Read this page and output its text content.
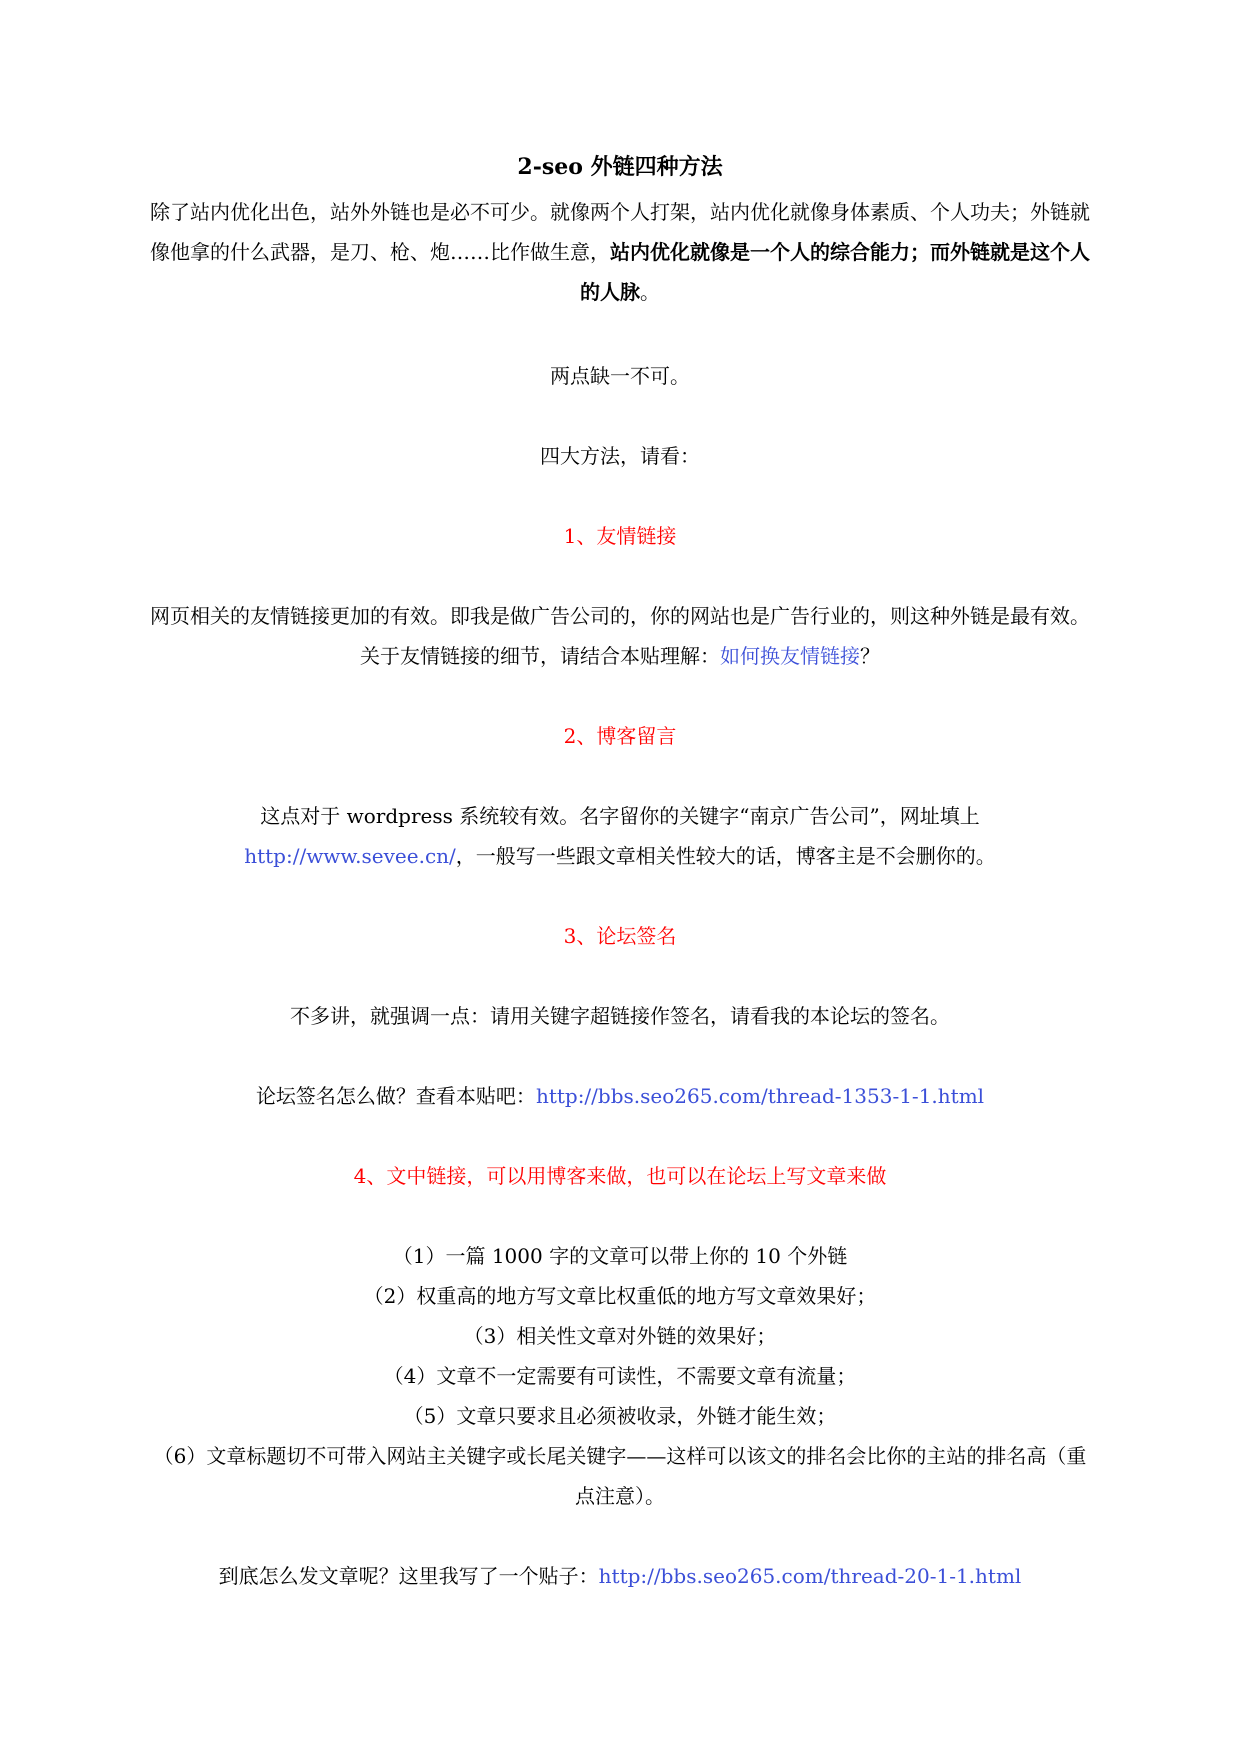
2-seo 外链四种方法
除了站内优化出色，站外外链也是必不可少。就像两个人打架，站内优化就像身体素质、个人功夫；外链就像他拿的什么武器，是刀、枪、炮……比作做生意，站内优化就像是一个人的综合能力；而外链就是这个人的人脉。
两点缺一不可。
四大方法，请看：
1、友情链接
网页相关的友情链接更加的有效。即我是做广告公司的，你的网站也是广告行业的，则这种外链是最有效。关于友情链接的细节，请结合本贴理解：如何换友情链接？
2、博客留言
这点对于 wordpress 系统较有效。名字留你的关键字“南京广告公司”，网址填上
http://www.sevee.cn/，一般写一些跟文章相关性较大的话，博客主是不会删你的。
3、论坛签名
不多讲，就强调一点：请用关键字超链接作签名，请看我的本论坛的签名。
论坛签名怎么做？查看本贴吧：http://bbs.seo265.com/thread-1353-1-1.html
4、文中链接，可以用博客来做，也可以在论坛上写文章来做
（1）一篇 1000 字的文章可以带上你的 10 个外链
（2）权重高的地方写文章比权重低的地方写文章效果好；
（3）相关性文章对外链的效果好；
（4）文章不一定需要有可读性，不需要文章有流量；
（5）文章只要求且必须被收录，外链才能生效；
（6）文章标题切不可带入网站主关键字或长尾关键字——这样可以该文的排名会比你的主站的排名高（重点注意）。
到底怎么发文章呢？这里我写了一个贴子：http://bbs.seo265.com/thread-20-1-1.html
